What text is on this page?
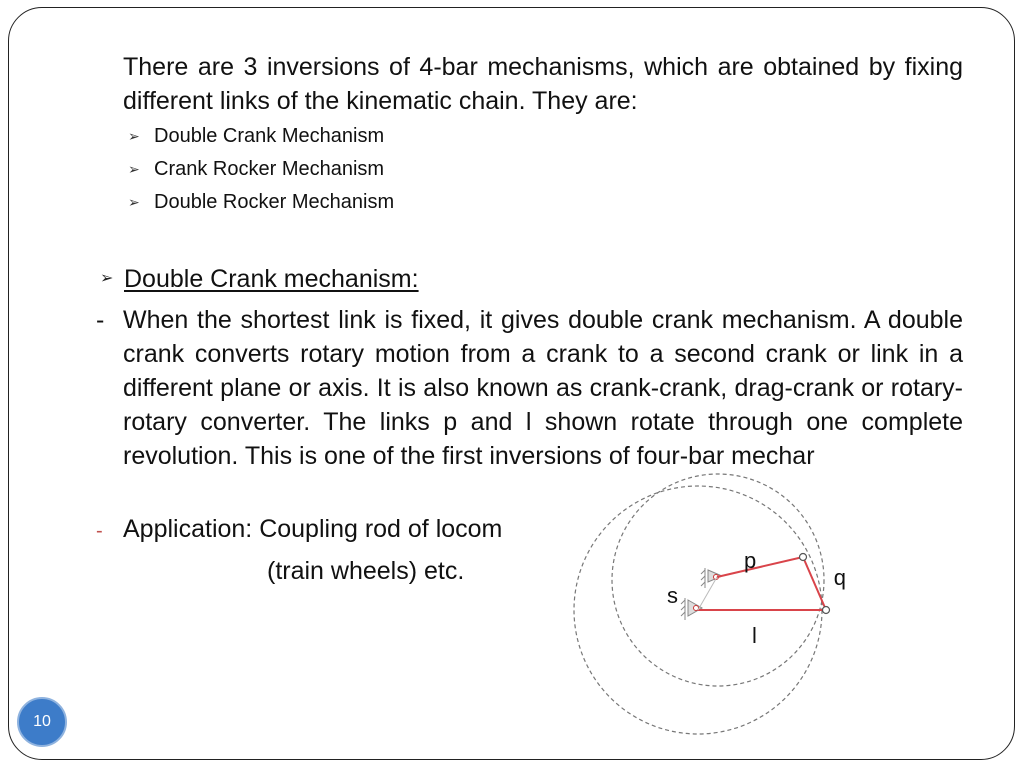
There are 3 inversions of 4-bar mechanisms, which are obtained by fixing different links of the kinematic chain. They are:

➢ Double Crank Mechanism
➢ Crank Rocker Mechanism
➢ Double Rocker Mechanism
➢ Double Crank mechanism:
- When the shortest link is fixed, it gives double crank mechanism. A double crank converts rotary motion from a crank to a second crank or link in a different plane or axis. It is also known as crank-crank, drag-crank or rotary-rotary converter. The links p and l shown rotate through one complete revolution. This is one of the first inversions of four-bar mechar

- Application: Coupling rod of locom

(train wheels) etc.	p
q
s
l
10
